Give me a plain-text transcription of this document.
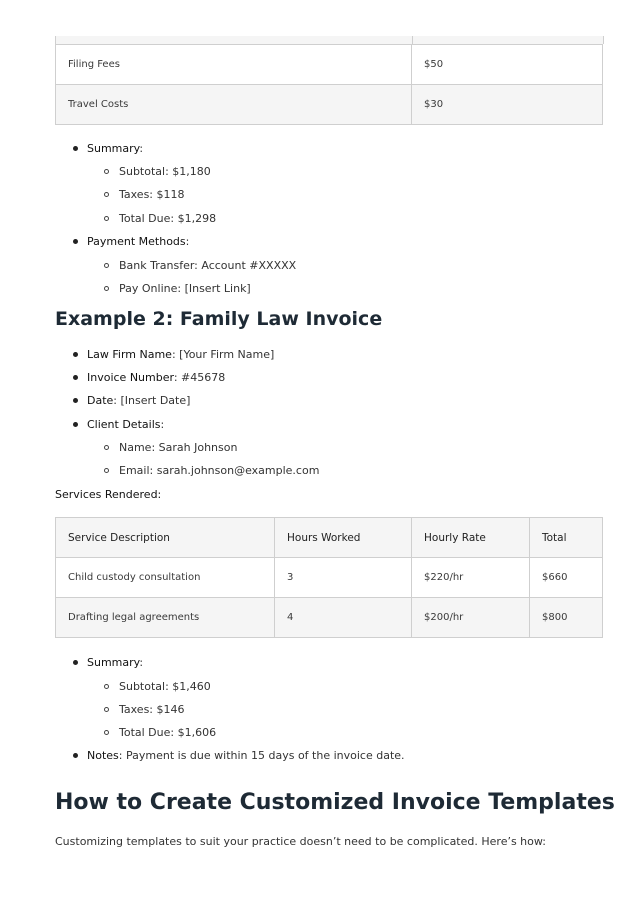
Filing Fees	$50
Travel Costs	$30
Summary:
Subtotal: $1,180
Taxes: $118
Total Due: $1,298
Payment Methods:
Bank Transfer: Account #XXXXX
Pay Online: [Insert Link]
Example 2: Family Law Invoice
Law Firm Name: [Your Firm Name]
Invoice Number: #45678
Date: [Insert Date]
Client Details:
Name: Sarah Johnson
Email: sarah.johnson@example.com
Services Rendered:
Service Description	Hours Worked	Hourly Rate	Total
Child custody consultation	3	$220/hr	$660
Drafting legal agreements	4	$200/hr	$800
Summary:
Subtotal: $1,460
Taxes: $146
Total Due: $1,606
Notes: Payment is due within 15 days of the invoice date.
How to Create Customized Invoice Templates
Customizing templates to suit your practice doesn’t need to be complicated. Here’s how:
